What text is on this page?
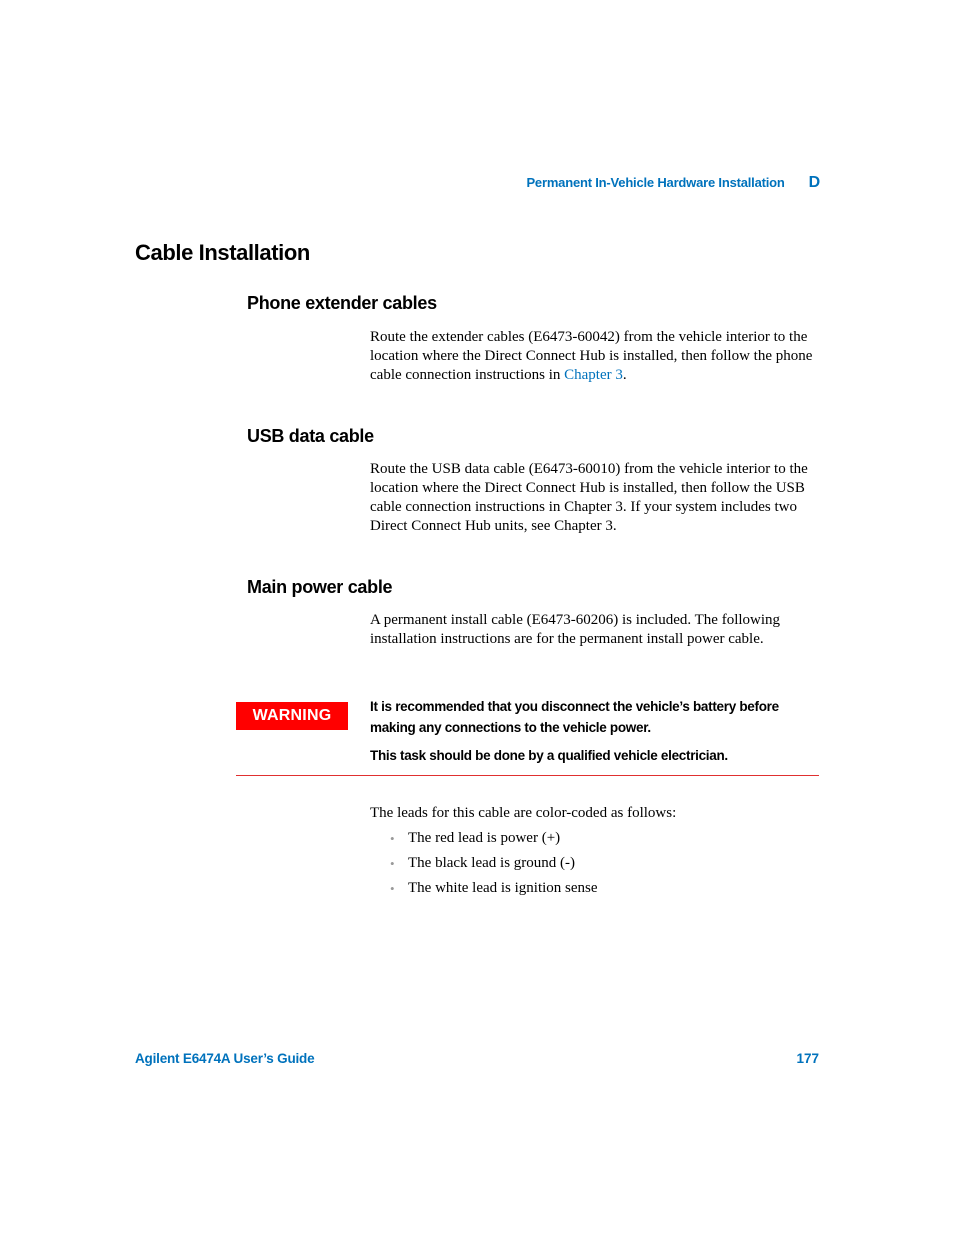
Permanent In-Vehicle Hardware Installation D
Cable Installation
Phone extender cables

Route the extender cables (E6473-60042) from the vehicle interior to the location where the Direct Connect Hub is installed, then follow the phone cable connection instructions in Chapter 3.

USB data cable

Route the USB data cable (E6473-60010) from the vehicle interior to the location where the Direct Connect Hub is installed, then follow the USB cable connection instructions in Chapter 3. If your system includes two Direct Connect Hub units, see Chapter 3.

Main power cable

A permanent install cable (E6473-60206) is included. The following installation instructions are for the permanent install power cable.

WARNING

It is recommended that you disconnect the vehicle’s battery before making any connections to the vehicle power.

This task should be done by a qualified vehicle electrician.

The leads for this cable are color-coded as follows:

• The red lead is power (+)
• The black lead is ground (-)
• The white lead is ignition sense
Agilent E6474A User’s Guide	177
